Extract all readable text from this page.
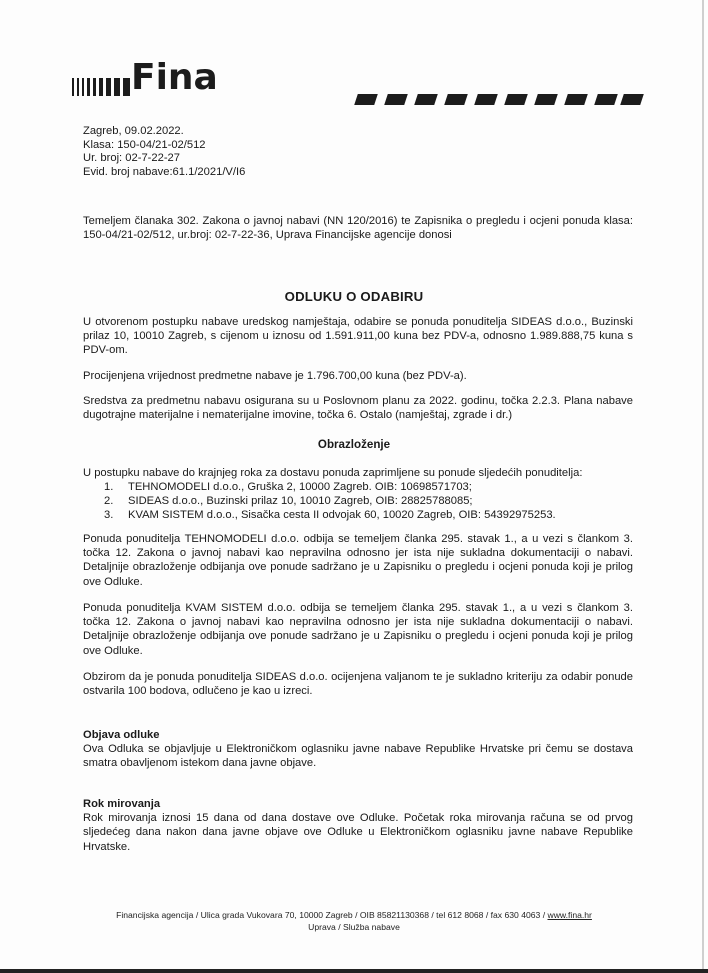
Fina
Zagreb, 09.02.2022.
Klasa: 150-04/21-02/512
Ur. broj: 02-7-22-27
Evid. broj nabave:61.1/2021/V/I6
Temeljem članaka 302. Zakona o javnoj nabavi (NN 120/2016) te Zapisnika o pregledu i ocjeni ponuda klasa: 150-04/21-02/512, ur.broj: 02-7-22-36, Uprava Financijske agencije donosi
ODLUKU O ODABIRU
U otvorenom postupku nabave uredskog namještaja, odabire se ponuda ponuditelja SIDEAS d.o.o., Buzinski prilaz 10, 10010 Zagreb, s cijenom u iznosu od 1.591.911,00 kuna bez PDV-a, odnosno 1.989.888,75 kuna s PDV-om.
Procijenjena vrijednost predmetne nabave je 1.796.700,00 kuna (bez PDV-a).
Sredstva za predmetnu nabavu osigurana su u Poslovnom planu za 2022. godinu, točka 2.2.3. Plana nabave dugotrajne materijalne i nematerijalne imovine, točka 6. Ostalo (namještaj, zgrade i dr.)
Obrazloženje
U postupku nabave do krajnjeg roka za dostavu ponuda zaprimljene su ponude sljedećih ponuditelja:
1. TEHNOMODELI d.o.o., Gruška 2, 10000 Zagreb. OIB: 10698571703;
2. SIDEAS d.o.o., Buzinski prilaz 10, 10010 Zagreb, OIB: 28825788085;
3. KVAM SISTEM d.o.o., Sisačka cesta II odvojak 60, 10020 Zagreb, OIB: 54392975253.
Ponuda ponuditelja TEHNOMODELI d.o.o. odbija se temeljem članka 295. stavak 1., a u vezi s člankom 3. točka 12. Zakona o javnoj nabavi kao nepravilna odnosno jer ista nije sukladna dokumentaciji o nabavi. Detaljnije obrazloženje odbijanja ove ponude sadržano je u Zapisniku o pregledu i ocjeni ponuda koji je prilog ove Odluke.
Ponuda ponuditelja KVAM SISTEM d.o.o. odbija se temeljem članka 295. stavak 1., a u vezi s člankom 3. točka 12. Zakona o javnoj nabavi kao nepravilna odnosno jer ista nije sukladna dokumentaciji o nabavi. Detaljnije obrazloženje odbijanja ove ponude sadržano je u Zapisniku o pregledu i ocjeni ponuda koji je prilog ove Odluke.
Obzirom da je ponuda ponuditelja SIDEAS d.o.o. ocijenjena valjanom te je sukladno kriteriju za odabir ponude ostvarila 100 bodova, odlučeno je kao u izreci.
Objava odluke
Ova Odluka se objavljuje u Elektroničkom oglasniku javne nabave Republike Hrvatske pri čemu se dostava smatra obavljenom istekom dana javne objave.
Rok mirovanja
Rok mirovanja iznosi 15 dana od dana dostave ove Odluke. Početak roka mirovanja računa se od prvog sljedećeg dana nakon dana javne objave ove Odluke u Elektroničkom oglasniku javne nabave Republike Hrvatske.
Financijska agencija / Ulica grada Vukovara 70, 10000 Zagreb / OIB 85821130368 / tel 612 8068 / fax 630 4063 / www.fina.hr
Uprava / Služba nabave
